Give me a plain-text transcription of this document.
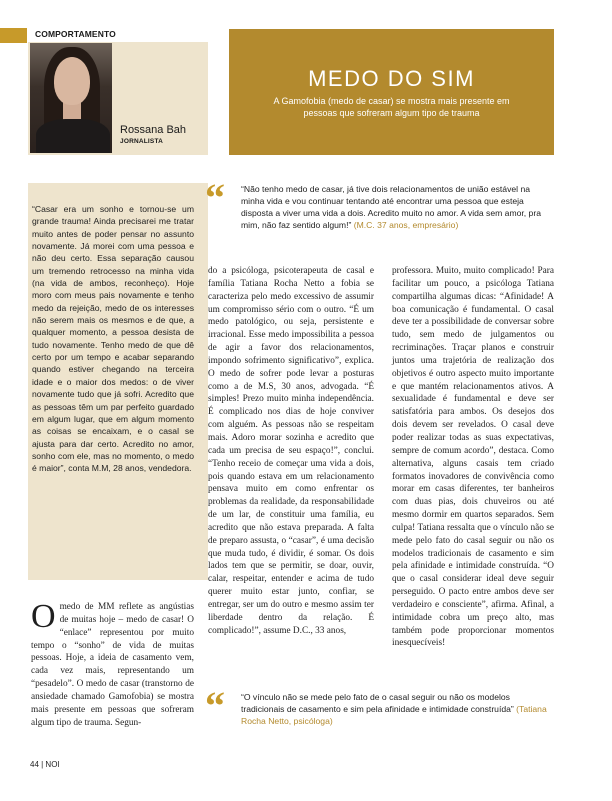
COMPORTAMENTO
Rossana Bah
JORNALISTA
MEDO DO SIM
A Gamofobia (medo de casar) se mostra mais presente em pessoas que sofreram algum tipo de trauma
“Casar era um sonho e tornou-se um grande trauma! Ainda precisarei me tratar muito antes de poder pensar no assunto novamente. Já morei com uma pessoa e não deu certo. Essa separação causou um tremendo retrocesso na minha vida (na vida de ambos, reconheço). Hoje moro com meus pais novamente e tenho medo da rejeição, medo de os interesses não serem mais os mesmos e de que, a qualquer momento, a pessoa desista de tudo novamente. Tenho medo de que dê certo por um tempo e acabar separando quando estiver chegando na terceira idade e o maior dos medos: o de viver novamente tudo que já sofri. Acredito que as pessoas têm um par perfeito guardado em algum lugar, que em algum momento as coisas se encaixam, e o casal se ajusta para dar certo. Acredito no amor, sonho com ele, mas no momento, o medo é maior”, conta M.M, 28 anos, vendedora.
“ “Não tenho medo de casar, já tive dois relacionamentos de união estável na minha vida e vou continuar tentando até encontrar uma pessoa que esteja disposta a viver uma vida a dois. Acredito muito no amor. A vida sem amor, pra mim, não faz sentido algum!” (M.C. 37 anos, empresário)
do a psicóloga, psicoterapeuta de casal e família Tatiana Rocha Netto a fobia se caracteriza pelo medo excessivo de assumir um compromisso sério com o outro. “É um medo patológico, ou seja, persistente e irracional. Esse medo impossibilita a pessoa de agir a favor dos relacionamentos, impondo sofrimento significativo”, explica. O medo de sofrer pode levar a posturas como a de M.S, 30 anos, advogada. “É simples! Prezo muito minha independência. É complicado nos dias de hoje conviver com alguém. As pessoas não se respeitam mais. Adoro morar sozinha e acredito que cada um precisa de seu espaço!”, conclui. “Tenho receio de começar uma vida a dois, pois quando estava em um relacionamento pensava muito em como enfrentar os problemas da realidade, da responsabilidade de um lar, de constituir uma família, eu acredito que não estava preparada. A falta de preparo assusta, o “casar”, é uma decisão que muda tudo, é dividir, é somar. Os dois lados tem que se permitir, se doar, ouvir, calar, respeitar, entender e acima de tudo querer muito estar junto, confiar, se entregar, ser um do outro e mesmo assim ter liberdade dentro da relação. É complicado!”, assume D.C., 33 anos,
professora. Muito, muito complicado! Para facilitar um pouco, a psicóloga Tatiana compartilha algumas dicas: “Afinidade! A boa comunicação é fundamental. O casal deve ter a possibilidade de conversar sobre tudo, sem medo de julgamentos ou recriminações. Traçar planos e construir juntos uma trajetória de realização dos objetivos é outro aspecto muito importante e que mantém relacionamentos ativos. A sexualidade é fundamental e deve ser satisfatória para ambos. Os desejos dos dois devem ser revelados. O casal deve poder realizar todas as suas expectativas, sempre de comum acordo”, destaca. Como alternativa, alguns casais tem criado formatos inovadores de convivência como morar em casas diferentes, ter banheiros com duas pias, dois chuveiros ou até mesmo dormir em quartos separados. Sem culpa! Tatiana ressalta que o vínculo não se mede pelo fato do casal seguir ou não os modelos tradicionais de casamento e sim pela afinidade e intimidade construída. “O que o casal considerar ideal deve seguir perseguido. O pacto entre ambos deve ser verdadeiro e consciente”, afirma. Afinal, a intimidade cobra um preço alto, mas também pode proporcionar momentos inesquecíveis!
Omedo de MM reflete as angústias de muitas hoje – medo de casar! O “enlace” representou por muito tempo o “sonho” de vida de muitas pessoas. Hoje, a ideia de casamento vem, cada vez mais, representando um “pesadelo”. O medo de casar (transtorno de ansiedade chamado Gamofobia) se mostra mais presente em pessoas que sofreram algum tipo de trauma. Segun-	“ “O vínculo não se mede pelo fato de o casal seguir ou não os modelos tradicionais de casamento e sim pela afinidade e intimidade construída” (Tatiana Rocha Netto, psicóloga)
44 | NOI
